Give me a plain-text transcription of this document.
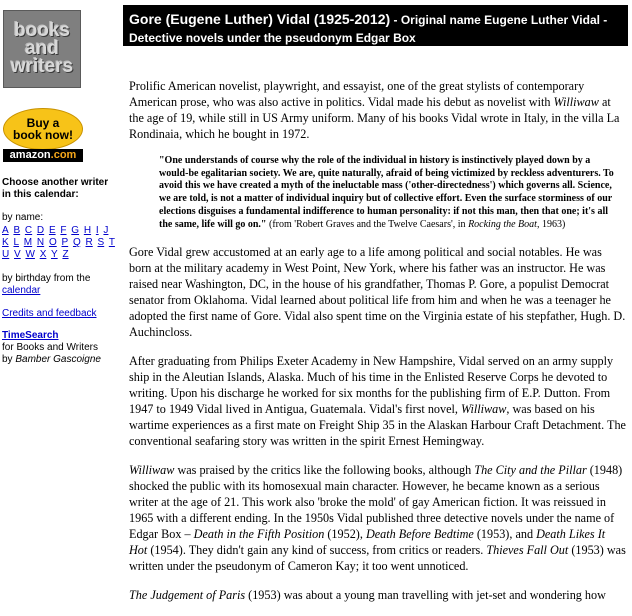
books
and
writers
Buy a
book now!
amazon.com
Choose another writer in this calendar:
by name:
A B C D E F G H I J K L M N O P Q R S T U V W X Y Z
by birthday from the calendar
Credits and feedback
TimeSearch
for Books and Writers
by Bamber Gascoigne
Gore (Eugene Luther) Vidal (1925-2012) - Original name Eugene Luther Vidal - Detective novels under the pseudonym Edgar Box

Prolific American novelist, playwright, and essayist, one of the great stylists of contemporary American prose, who was also active in politics. Vidal made his debut as novelist with Williwaw at the age of 19, while still in US Army uniform. Many of his books Vidal wrote in Italy, in the villa La Rondinaia, which he bought in 1972.

"One understands of course why the role of the individual in history is instinctively played down by a would-be egalitarian society. We are, quite naturally, afraid of being victimized by reckless adventurers. To avoid this we have created a myth of the ineluctable mass ('other-directedness') which governs all. Science, we are told, is not a matter of individual inquiry but of collective effort. Even the surface storminess of our elections disguises a fundamental indifference to human personality: if not this man, then that one; it's all the same, life will go on." (from 'Robert Graves and the Twelve Caesars', in Rocking the Boat, 1963)

Gore Vidal grew accustomed at an early age to a life among political and social notables. He was born at the military academy in West Point, New York, where his father was an instructor. He was raised near Washington, DC, in the house of his grandfather, Thomas P. Gore, a populist Democrat senator from Oklahoma. Vidal learned about political life from him and when he was a teenager he adopted the first name of Gore. Vidal also spent time on the Virginia estate of his stepfather, Hugh. D. Auchincloss.

After graduating from Philips Exeter Academy in New Hampshire, Vidal served on an army supply ship in the Aleutian Islands, Alaska. Much of his time in the Enlisted Reserve Corps he devoted to writing. Upon his discharge he worked for six months for the publishing firm of E.P. Dutton. From 1947 to 1949 Vidal lived in Antigua, Guatemala. Vidal's first novel, Williwaw, was based on his wartime experiences as a first mate on Freight Ship 35 in the Alaskan Harbour Craft Detachment. The conventional seafaring story was written in the spirit Ernest Hemingway.

Williwaw was praised by the critics like the following books, although The City and the Pillar (1948) shocked the public with its homosexual main character. However, he became known as a serious writer at the age of 21. This work also 'broke the mold' of gay American fiction. It was reissued in 1965 with a different ending. In the 1950s Vidal published three detective novels under the name of Edgar Box – Death in the Fifth Position (1952), Death Before Bedtime (1953), and Death Likes It Hot (1954). They didn't gain any kind of success, from critics or readers. Thieves Fall Out (1953) was written under the pseudonym of Cameron Kay; it too went unnoticed.

The Judgement of Paris (1953) was about a young man travelling with jet-set and wondering how
